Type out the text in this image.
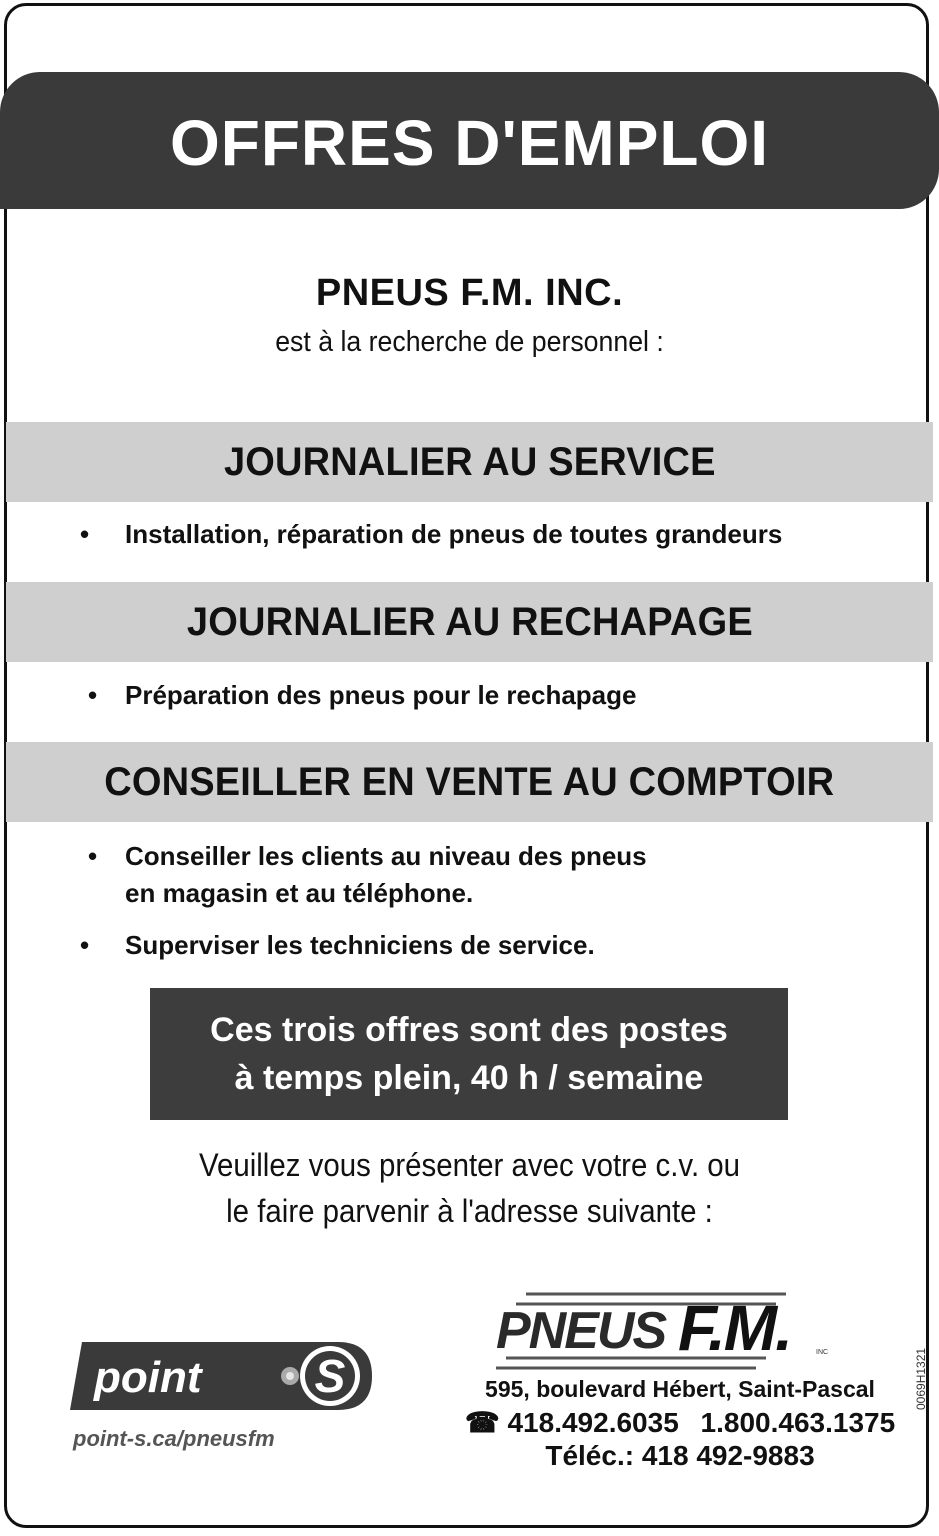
OFFRES D'EMPLOI
PNEUS F.M. INC.
est à la recherche de personnel :
JOURNALIER AU SERVICE
• Installation, réparation de pneus de toutes grandeurs
JOURNALIER AU RECHAPAGE
• Préparation des pneus pour le rechapage
CONSEILLER EN VENTE AU COMPTOIR
• Conseiller les clients au niveau des pneus
en magasin et au téléphone.
• Superviser les techniciens de service.
Ces trois offres sont des postes
à temps plein, 40 h / semaine
Veuillez vous présenter avec votre c.v. ou
le faire parvenir à l'adresse suivante :
point S
point-s.ca/pneusfm
PNEUS F.M.	INC
595, boulevard Hébert, Saint-Pascal
☎ 418.492.6035 1.800.463.1375
Téléc.: 418 492-9883
0069H1321
